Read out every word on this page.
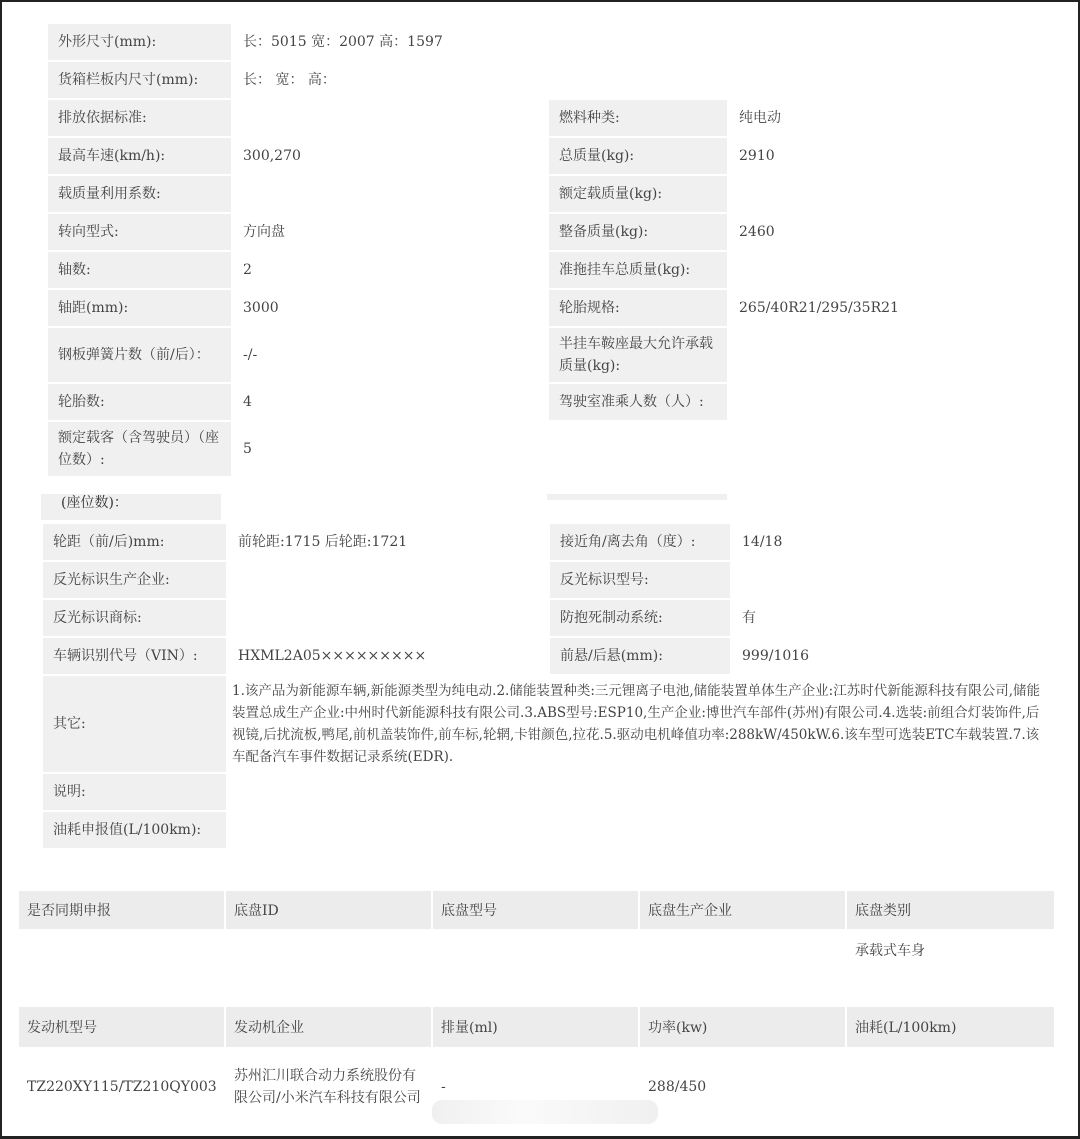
外形尺寸(mm):	长：5015 宽：2007 高：1597		
货箱栏板内尺寸(mm):	长： 宽： 高：		
排放依据标准:		燃料种类:	纯电动
最高车速(km/h):	300,270	总质量(kg):	2910
载质量利用系数:		额定载质量(kg):	
转向型式:	方向盘	整备质量(kg):	2460
轴数:	2	准拖挂车总质量(kg):	
轴距(mm):	3000	轮胎规格:	265/40R21/295/35R21
钢板弹簧片数（前/后）：	-/-	半挂车鞍座最大允许承载质量(kg):	
轮胎数:	4	驾驶室准乘人数（人）:	
额定载客（含驾驶员）（座位数）:	5		
(座位数)：
轮距（前/后)mm:	前轮距:1715 后轮距:1721	接近角/离去角（度）:	14/18
反光标识生产企业:		反光标识型号:	
反光标识商标:		防抱死制动系统:	有
车辆识别代号（VIN）:	HXML2A05×××××××××	前悬/后悬(mm):	999/1016
其它:	1.该产品为新能源车辆,新能源类型为纯电动.2.储能装置种类:三元锂离子电池,储能装置单体生产企业:江苏时代新能源科技有限公司,储能装置总成生产企业:中州时代新能源科技有限公司.3.ABS型号:ESP10,生产企业:博世汽车部件(苏州)有限公司.4.选装:前组合灯装饰件,后视镜,后扰流板,鸭尾,前机盖装饰件,前车标,轮辋,卡钳颜色,拉花.5.驱动电机峰值功率:288kW/450kW.6.该车型可选装ETC车载装置.7.该车配备汽车事件数据记录系统(EDR).		
说明:			
油耗申报值(L/100km):			
是否同期申报	底盘ID	底盘型号	底盘生产企业	底盘类别
				承载式车身
发动机型号	发动机企业	排量(ml)	功率(kw)	油耗(L/100km)
TZ220XY115/TZ210QY003	苏州汇川联合动力系统股份有限公司/小米汽车科技有限公司	-	288/450	
